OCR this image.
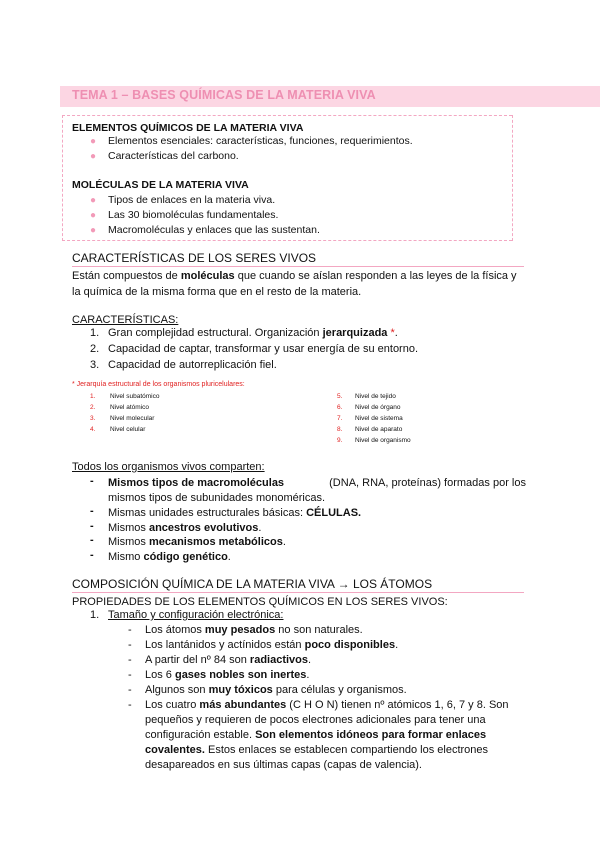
TEMA 1 – BASES QUÍMICAS DE LA MATERIA VIVA
ELEMENTOS QUÍMICOS DE LA MATERIA VIVA
● Elementos esenciales: características, funciones, requerimientos.
● Características del carbono.
MOLÉCULAS DE LA MATERIA VIVA
● Tipos de enlaces en la materia viva.
● Las 30 biomoléculas fundamentales.
● Macromoléculas y enlaces que las sustentan.
CARACTERÍSTICAS DE LOS SERES VIVOS
Están compuestos de moléculas que cuando se aíslan responden a las leyes de la física y
la química de la misma forma que en el resto de la materia.
CARACTERÍSTICAS:
1. Gran complejidad estructural. Organización jerarquizada *.
2. Capacidad de captar, transformar y usar energía de su entorno.
3. Capacidad de autorreplicación fiel.
* Jerarquía estructural de los organismos pluricelulares:
1. Nivel subatómico
2. Nivel atómico
3. Nivel molecular
4. Nivel celular
5. Nivel de tejido
6. Nivel de órgano
7. Nivel de sistema
8. Nivel de aparato
9. Nivel de organismo
Todos los organismos vivos comparten:
- Mismos tipos de macromoléculas	(DNA, RNA, proteínas) formadas por los
mismos tipos de subunidades monoméricas.
- Mismas unidades estructurales básicas: CÉLULAS.
- Mismos ancestros evolutivos.
- Mismos mecanismos metabólicos.
- Mismo código genético.
COMPOSICIÓN QUÍMICA DE LA MATERIA VIVA → LOS ÁTOMOS
PROPIEDADES DE LOS ELEMENTOS QUÍMICOS EN LOS SERES VIVOS:
1. Tamaño y configuración electrónica:
- Los átomos muy pesados no son naturales.
- Los lantánidos y actínidos están poco disponibles.
- A partir del nº 84 son radiactivos.
- Los 6 gases nobles son inertes.
- Algunos son muy tóxicos para células y organismos.
- Los cuatro más abundantes (C H O N) tienen nº atómicos 1, 6, 7 y 8. Son
pequeños y requieren de pocos electrones adicionales para tener una
configuración estable. Son elementos idóneos para formar enlaces
covalentes. Estos enlaces se establecen compartiendo los electrones
desapareados en sus últimas capas (capas de valencia).
